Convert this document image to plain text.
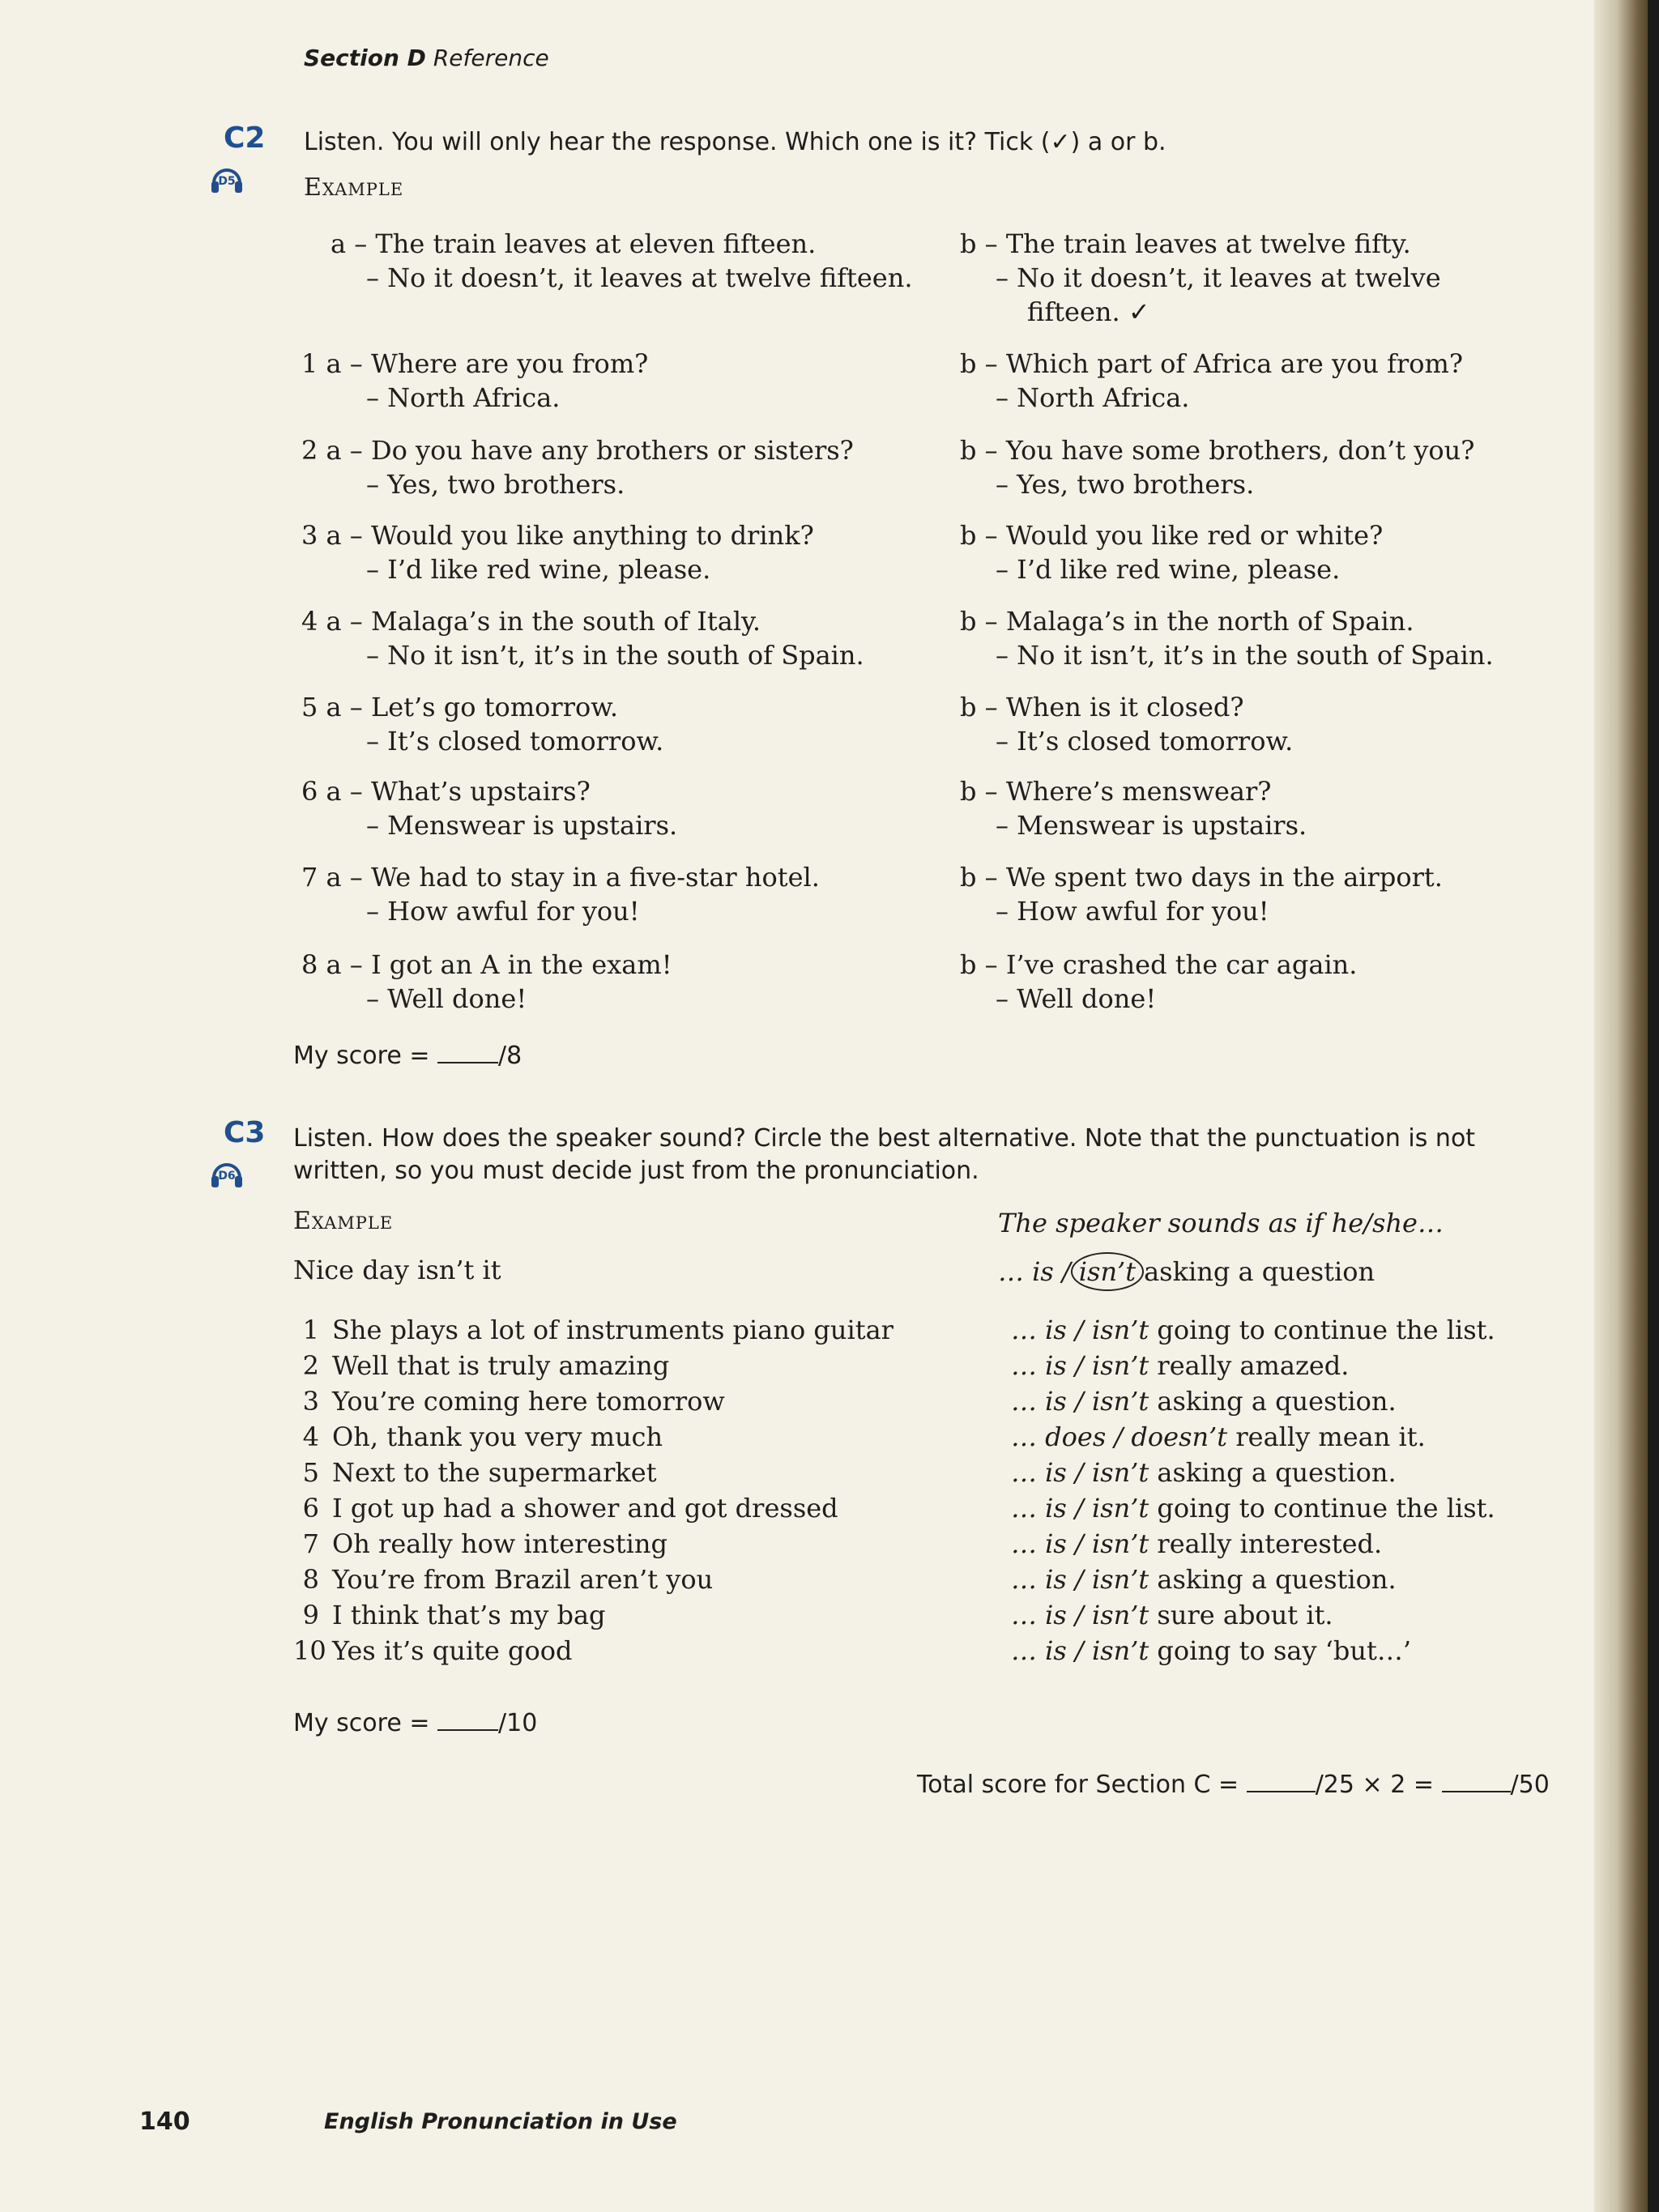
Section D Reference
C2
D5
Listen. You will only hear the response. Which one is it? Tick (✓) a or b.
Example
a – The train leaves at eleven fifteen.
– No it doesn’t, it leaves at twelve fifteen.
b – The train leaves at twelve fifty.
– No it doesn’t, it leaves at twelve
fifteen. ✓
1 a – Where are you from?
– North Africa.
b – Which part of Africa are you from?
– North Africa.
2 a – Do you have any brothers or sisters?
– Yes, two brothers.
b – You have some brothers, don’t you?
– Yes, two brothers.
3 a – Would you like anything to drink?
– I’d like red wine, please.
b – Would you like red or white?
– I’d like red wine, please.
4 a – Malaga’s in the south of Italy.
– No it isn’t, it’s in the south of Spain.
b – Malaga’s in the north of Spain.
– No it isn’t, it’s in the south of Spain.
5 a – Let’s go tomorrow.
– It’s closed tomorrow.
b – When is it closed?
– It’s closed tomorrow.
6 a – What’s upstairs?
– Menswear is upstairs.
b – Where’s menswear?
– Menswear is upstairs.
7 a – We had to stay in a five-star hotel.
– How awful for you!
b – We spent two days in the airport.
– How awful for you!
8 a – I got an A in the exam!
– Well done!
b – I’ve crashed the car again.
– Well done!
My score =	/8
C3
D6
Listen. How does the speaker sound? Circle the best alternative. Note that the punctuation is not
written, so you must decide just from the pronunciation.
Example	The speaker sounds as if he/she…
Nice day isn’t it	… is / isn’t asking a question
1 She plays a lot of instruments piano guitar	… is / isn’t going to continue the list.
2 Well that is truly amazing	… is / isn’t really amazed.
3 You’re coming here tomorrow	… is / isn’t asking a question.
4 Oh, thank you very much	… does / doesn’t really mean it.
5 Next to the supermarket	… is / isn’t asking a question.
6 I got up had a shower and got dressed	… is / isn’t going to continue the list.
7 Oh really how interesting	… is / isn’t really interested.
8 You’re from Brazil aren’t you	… is / isn’t asking a question.
9 I think that’s my bag	… is / isn’t sure about it.
10 Yes it’s quite good	… is / isn’t going to say ‘but…’
My score =	/10
Total score for Section C =	/25 × 2 =	/50
140	English Pronunciation in Use
